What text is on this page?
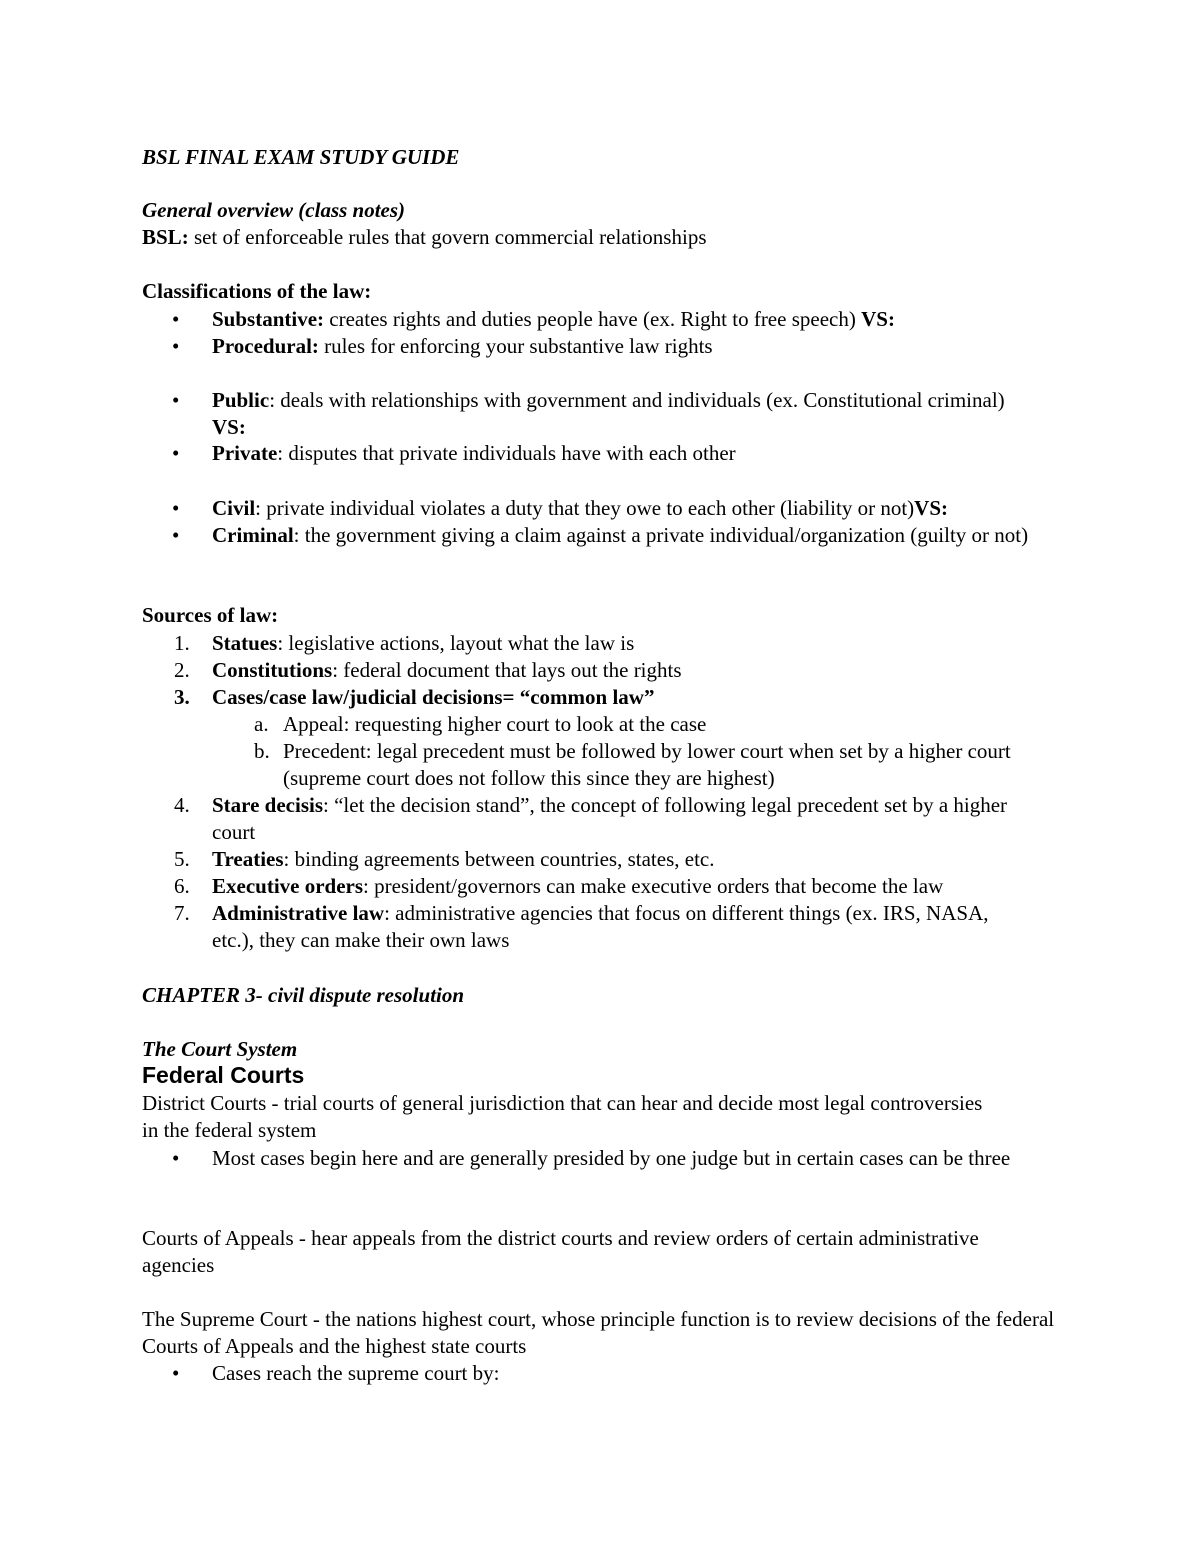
BSL FINAL EXAM STUDY GUIDE

General overview (class notes)

BSL: set of enforceable rules that govern commercial relationships

Classifications of the law:

• Substantive: creates rights and duties people have (ex. Right to free speech) VS:
• Procedural: rules for enforcing your substantive law rights
• Public: deals with relationships with government and individuals (ex. Constitutional criminal) VS:
• Private: disputes that private individuals have with each other
• Civil: private individual violates a duty that they owe to each other (liability or not)VS:
• Criminal: the government giving a claim against a private individual/organization (guilty or not)

Sources of law:

1.	Statues: legislative actions, layout what the law is
2.	Constitutions: federal document that lays out the rights
3.	Cases/case law/judicial decisions= “common law”
a. Appeal: requesting higher court to look at the case
b. Precedent: legal precedent must be followed by lower court when set by a higher court (supreme court does not follow this since they are highest)
4.	Stare decisis: “let the decision stand”, the concept of following legal precedent set by a higher court
5.	Treaties: binding agreements between countries, states, etc.
6.	Executive orders: president/governors can make executive orders that become the law
7.	Administrative law: administrative agencies that focus on different things (ex. IRS, NASA, etc.), they can make their own laws

CHAPTER 3- civil dispute resolution

The Court System

Federal Courts

District Courts - trial courts of general jurisdiction that can hear and decide most legal controversies in the federal system
• Most cases begin here and are generally presided by one judge but in certain cases can be three
Courts of Appeals - hear appeals from the district courts and review orders of certain administrative agencies
The Supreme Court - the nations highest court, whose principle function is to review decisions of the federal Courts of Appeals and the highest state courts
• Cases reach the supreme court by:
